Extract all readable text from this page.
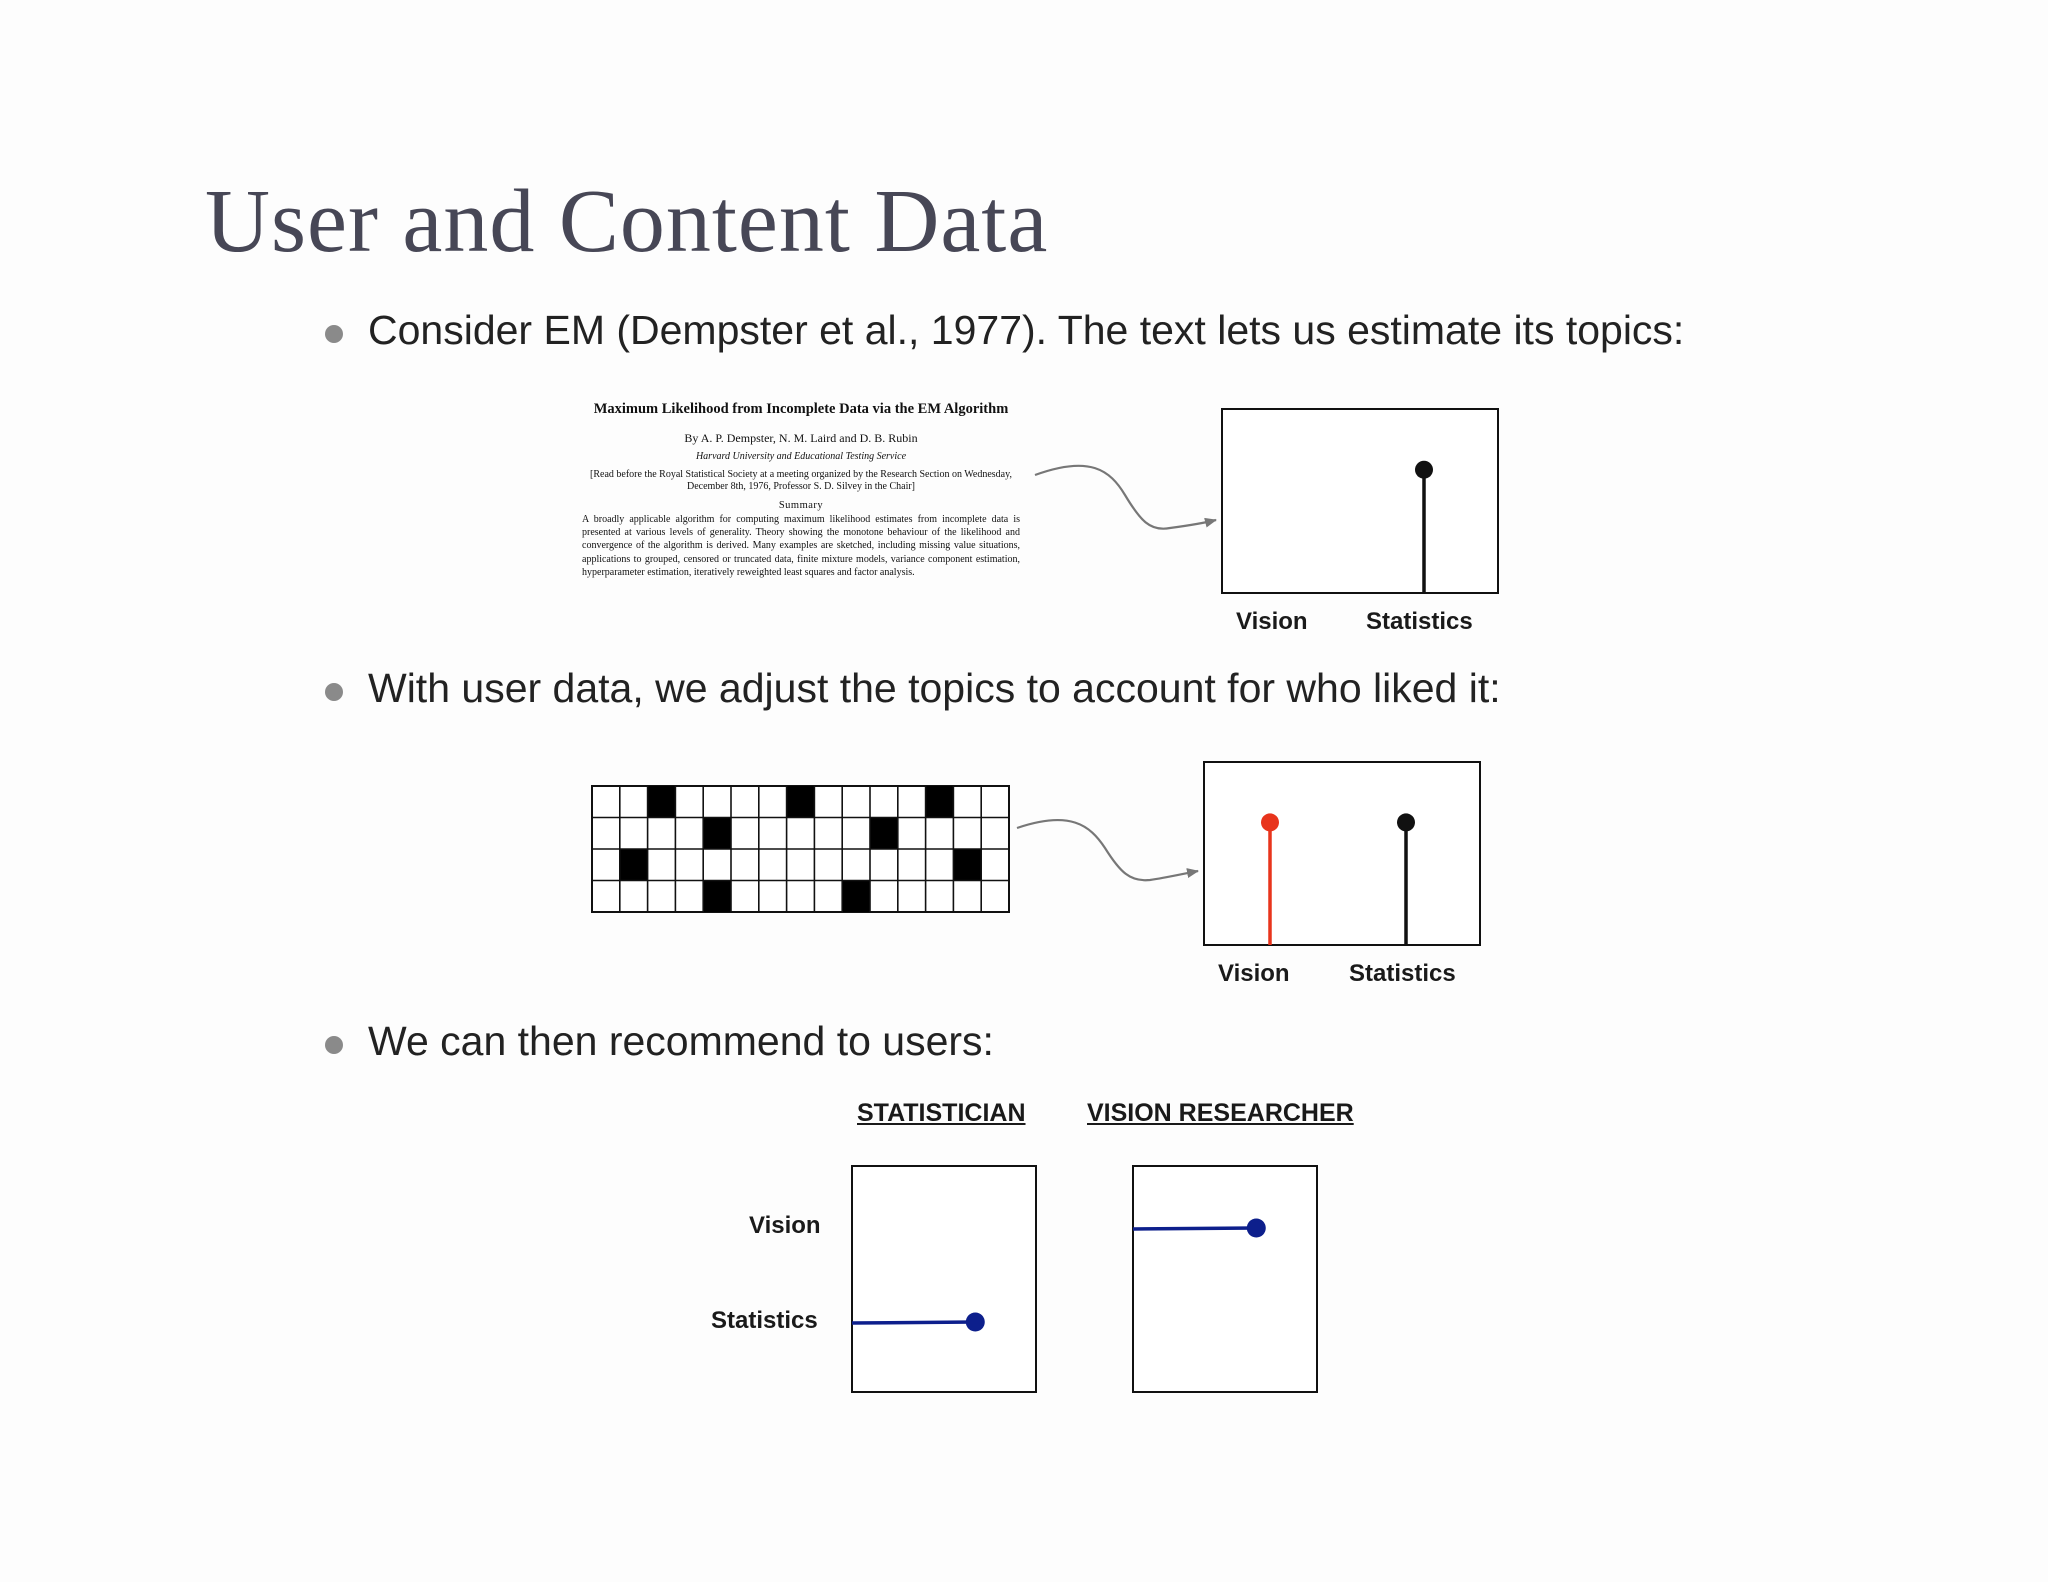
User and Content Data
Consider EM (Dempster et al., 1977). The text lets us estimate its topics:
Maximum Likelihood from Incomplete Data via the EM Algorithm
By A. P. Dempster, N. M. Laird and D. B. Rubin
Harvard University and Educational Testing Service
[Read before the Royal Statistical Society at a meeting organized by the Research Section on Wednesday, December 8th, 1976, Professor S. D. Silvey in the Chair]
Summary
A broadly applicable algorithm for computing maximum likelihood estimates from incomplete data is presented at various levels of generality. Theory showing the monotone behaviour of the likelihood and convergence of the algorithm is derived. Many examples are sketched, including missing value situations, applications to grouped, censored or truncated data, finite mixture models, variance component estimation, hyperparameter estimation, iteratively reweighted least squares and factor analysis.
With user data, we adjust the topics to account for who liked it:
We can then recommend to users:
Vision Statistics
Vision Statistics
STATISTICIAN VISION RESEARCHER
Vision
Statistics
